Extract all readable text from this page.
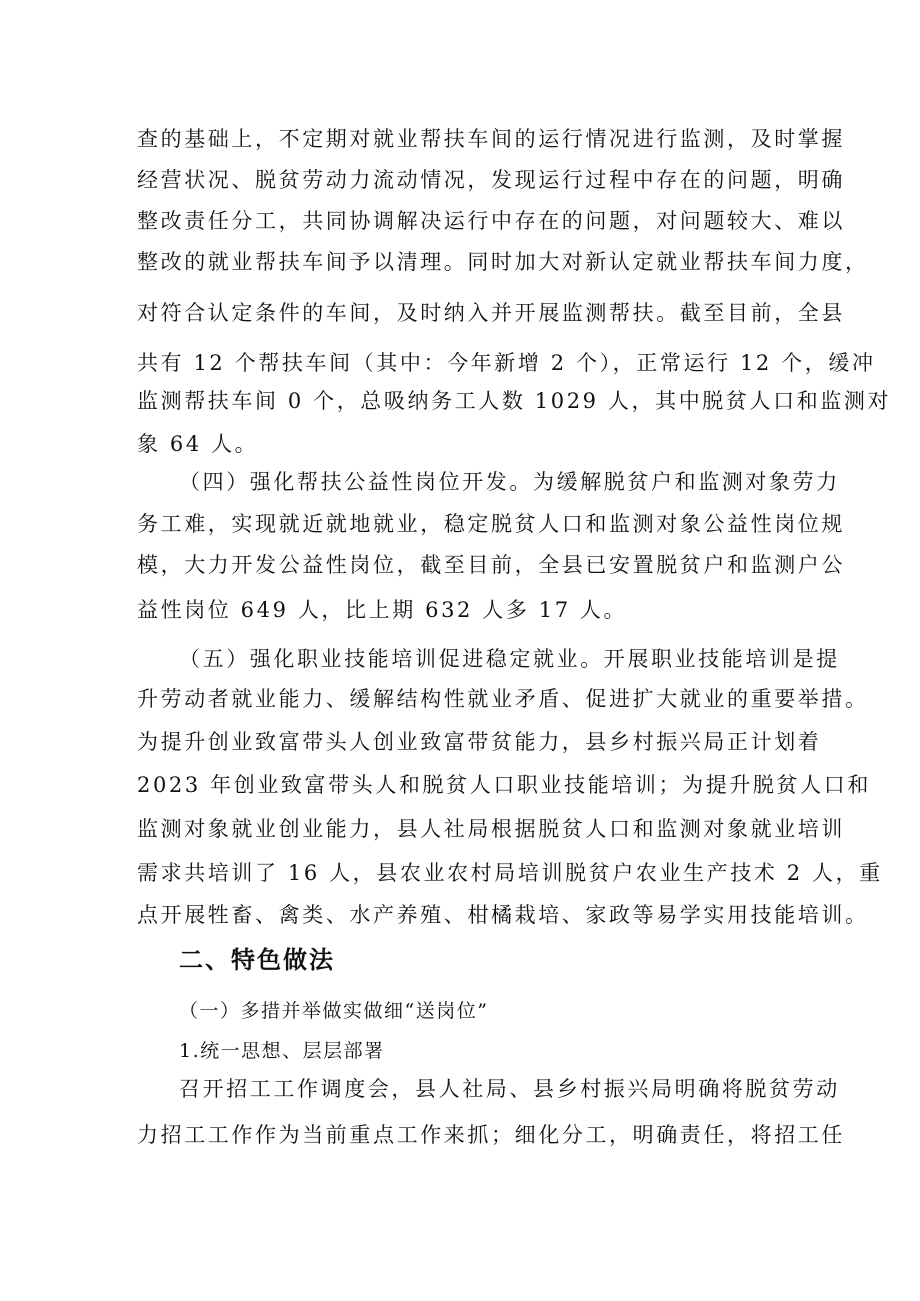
查的基础上，不定期对就业帮扶车间的运行情况进行监测，及时掌握
经营状况、脱贫劳动力流动情况，发现运行过程中存在的问题，明确
整改责任分工，共同协调解决运行中存在的问题，对问题较大、难以
整改的就业帮扶车间予以清理。同时加大对新认定就业帮扶车间力度，
对符合认定条件的车间，及时纳入并开展监测帮扶。截至目前，全县
共有 12 个帮扶车间（其中：今年新增 2 个），正常运行 12 个，缓冲
监测帮扶车间 0 个，总吸纳务工人数 1029 人，其中脱贫人口和监测对
象 64 人。
（四）强化帮扶公益性岗位开发。为缓解脱贫户和监测对象劳力
务工难，实现就近就地就业，稳定脱贫人口和监测对象公益性岗位规
模，大力开发公益性岗位，截至目前，全县已安置脱贫户和监测户公
益性岗位 649 人，比上期 632 人多 17 人。
（五）强化职业技能培训促进稳定就业。开展职业技能培训是提
升劳动者就业能力、缓解结构性就业矛盾、促进扩大就业的重要举措。
为提升创业致富带头人创业致富带贫能力，县乡村振兴局正计划着
2023 年创业致富带头人和脱贫人口职业技能培训；为提升脱贫人口和
监测对象就业创业能力，县人社局根据脱贫人口和监测对象就业培训
需求共培训了 16 人，县农业农村局培训脱贫户农业生产技术 2 人，重
点开展牲畜、禽类、水产养殖、柑橘栽培、家政等易学实用技能培训。
二、特色做法
（一）多措并举做实做细“送岗位”
1.统一思想、层层部署
召开招工工作调度会，县人社局、县乡村振兴局明确将脱贫劳动
力招工工作作为当前重点工作来抓；细化分工，明确责任，将招工任
